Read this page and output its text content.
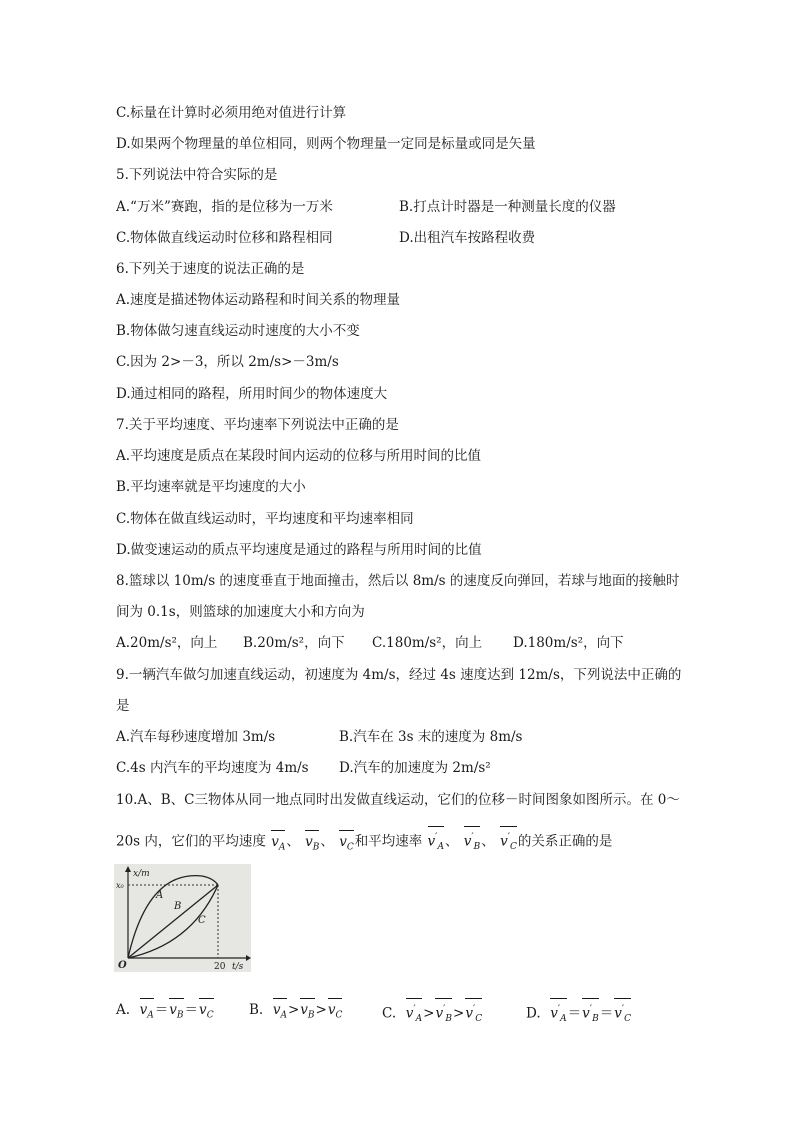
C.标量在计算时必须用绝对值进行计算
D.如果两个物理量的单位相同，则两个物理量一定同是标量或同是矢量
5.下列说法中符合实际的是
A.“万米”赛跑，指的是位移为一万米	B.打点计时器是一种测量长度的仪器
C.物体做直线运动时位移和路程相同	D.出租汽车按路程收费
6.下列关于速度的说法正确的是
A.速度是描述物体运动路程和时间关系的物理量
B.物体做匀速直线运动时速度的大小不变
C.因为 2>－3，所以 2m/s>－3m/s
D.通过相同的路程，所用时间少的物体速度大
7.关于平均速度、平均速率下列说法中正确的是
A.平均速度是质点在某段时间内运动的位移与所用时间的比值
B.平均速率就是平均速度的大小
C.物体在做直线运动时，平均速度和平均速率相同
D.做变速运动的质点平均速度是通过的路程与所用时间的比值
8.篮球以 10m/s 的速度垂直于地面撞击，然后以 8m/s 的速度反向弹回，若球与地面的接触时
间为 0.1s，则篮球的加速度大小和方向为
A.20m/s²，向上 B.20m/s²，向下 C.180m/s²，向上 D.180m/s²，向下
9.一辆汽车做匀加速直线运动，初速度为 4m/s，经过 4s 速度达到 12m/s，下列说法中正确的
是
A.汽车每秒速度增加 3m/s	B.汽车在 3s 末的速度为 8m/s
C.4s 内汽车的平均速度为 4m/s D.汽车的加速度为 2m/s²
10.A、B、C三物体从同一地点同时出发做直线运动，它们的位移－时间图象如图所示。在 0～
20s 内，它们的平均速度 $v_A$、 $v_B$、 $v_C$和平均速率 $v'_A$、 $v'_B$、 $v'_C$的关系正确的是
x/m
x₀
A
B
C
O	20 t/s
A. $v_A=v_B=v_C$	B. $v_A>v_B>v_C$	C. $v'_A>v'_B>v'_C$	D. $v'_A=v'_B=v'_C$
